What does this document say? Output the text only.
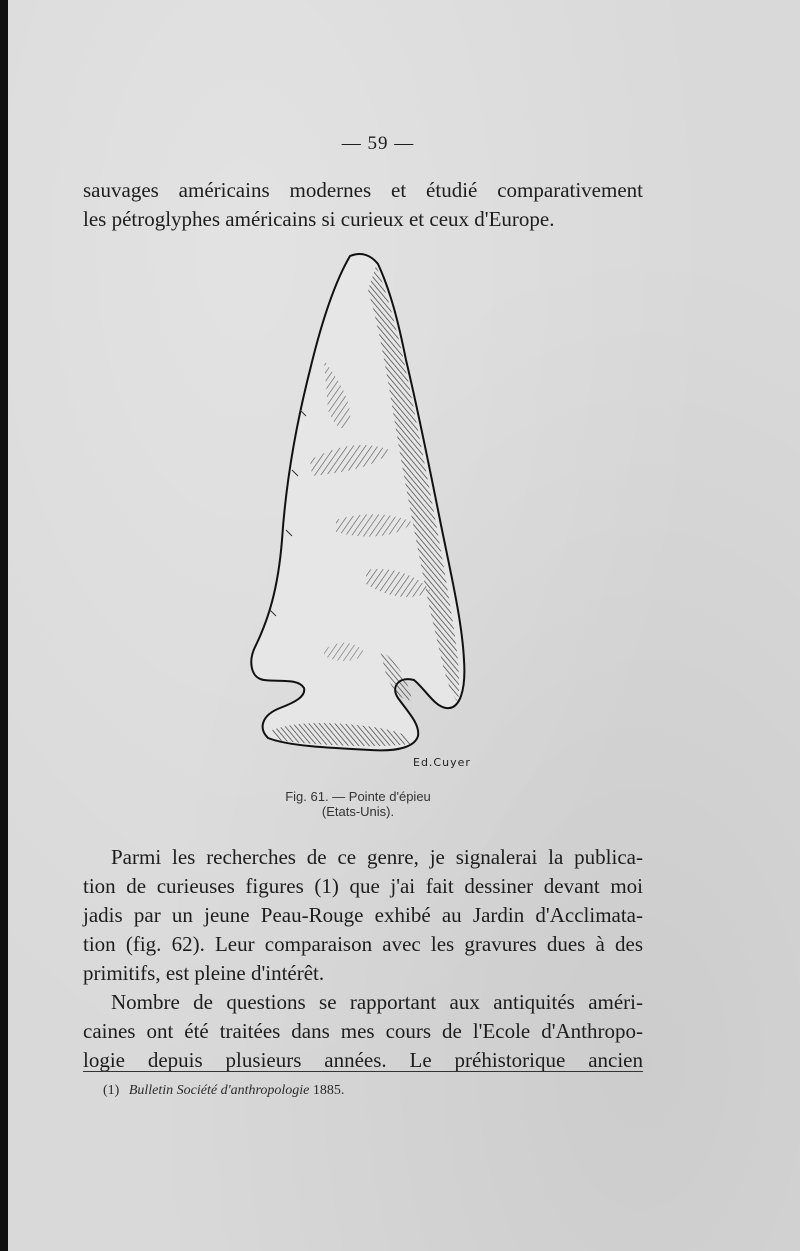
— 59 —
sauvages américains modernes et étudié comparativement
les pétroglyphes américains si curieux et ceux d'Europe.
Ed.Cuyer
Fig. 61. — Pointe d'épieu
(Etats-Unis).
Parmi les recherches de ce genre, je signalerai la publica-
tion de curieuses figures (1) que j'ai fait dessiner devant moi
jadis par un jeune Peau-Rouge exhibé au Jardin d'Acclimata-
tion (fig. 62). Leur comparaison avec les gravures dues à des
primitifs, est pleine d'intérêt.
Nombre de questions se rapportant aux antiquités améri-
caines ont été traitées dans mes cours de l'Ecole d'Anthropo-
logie depuis plusieurs années. Le préhistorique ancien
(1) Bulletin Société d'anthropologie 1885.
